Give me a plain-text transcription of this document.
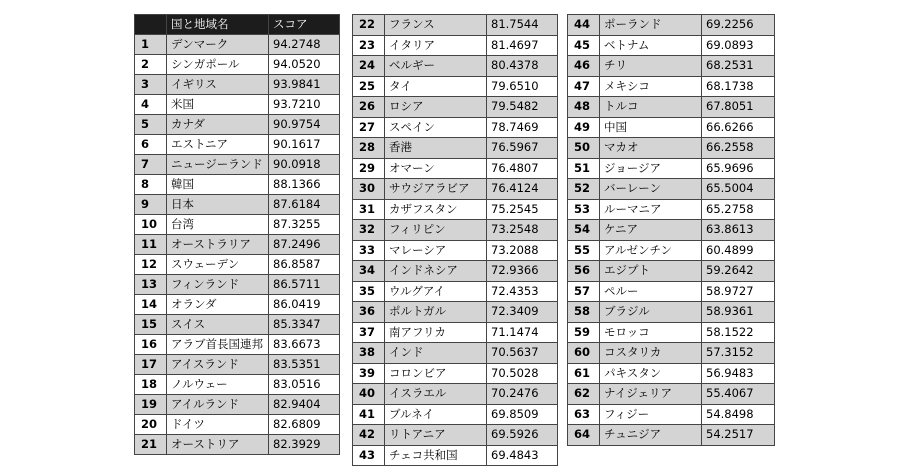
	国と地域名	スコア
1	デンマーク	94.2748
2	シンガポール	94.0520
3	イギリス	93.9841
4	米国	93.7210
5	カナダ	90.9754
6	エストニア	90.1617
7	ニュージーランド	90.0918
8	韓国	88.1366
9	日本	87.6184
10	台湾	87.3255
11	オーストラリア	87.2496
12	スウェーデン	86.8587
13	フィンランド	86.5711
14	オランダ	86.0419
15	スイス	85.3347
16	アラブ首長国連邦	83.6673
17	アイスランド	83.5351
18	ノルウェー	83.0516
19	アイルランド	82.9404
20	ドイツ	82.6809
21	オーストリア	82.3929
22	フランス	81.7544
23	イタリア	81.4697
24	ベルギー	80.4378
25	タイ	79.6510
26	ロシア	79.5482
27	スペイン	78.7469
28	香港	76.5967
29	オマーン	76.4807
30	サウジアラビア	76.4124
31	カザフスタン	75.2545
32	フィリピン	73.2548
33	マレーシア	73.2088
34	インドネシア	72.9366
35	ウルグアイ	72.4353
36	ポルトガル	72.3409
37	南アフリカ	71.1474
38	インド	70.5637
39	コロンビア	70.5028
40	イスラエル	70.2476
41	ブルネイ	69.8509
42	リトアニア	69.5926
43	チェコ共和国	69.4843
44	ポーランド	69.2256
45	ベトナム	69.0893
46	チリ	68.2531
47	メキシコ	68.1738
48	トルコ	67.8051
49	中国	66.6266
50	マカオ	66.2558
51	ジョージア	65.9696
52	バーレーン	65.5004
53	ルーマニア	65.2758
54	ケニア	63.8613
55	アルゼンチン	60.4899
56	エジプト	59.2642
57	ペルー	58.9727
58	ブラジル	58.9361
59	モロッコ	58.1522
60	コスタリカ	57.3152
61	パキスタン	56.9483
62	ナイジェリア	55.4067
63	フィジー	54.8498
64	チュニジア	54.2517
